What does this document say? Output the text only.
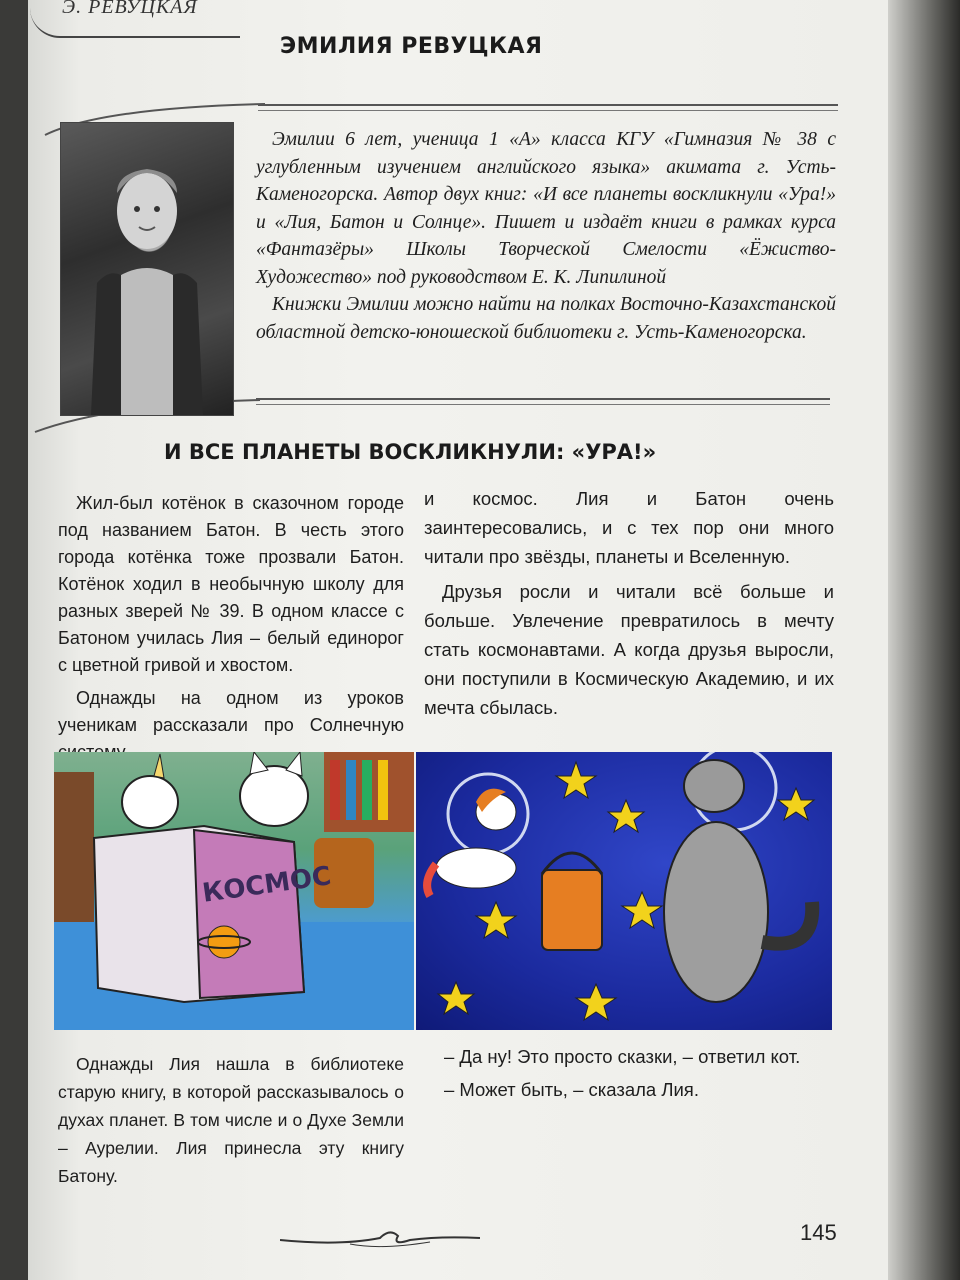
Э. РЕВУЦКАЯ
ЭМИЛИЯ РЕВУЦКАЯ

Эмилии 6 лет, ученица 1 «А» класса КГУ «Гимназия № 38 с углубленным изучением английского языка» акимата г. Усть-Каменогорска. Автор двух книг: «И все планеты воскликнули «Ура!» и «Лия, Батон и Солнце». Пишет и издаёт книги в рамках курса «Фантазёры» Школы Творческой Смелости «Ёжиство-Художество» под руководством Е. К. Липилиной

Книжки Эмилии можно найти на полках Восточно-Казахстанской областной детско-юношеской библиотеки г. Усть-Каменогорска.

И ВСЕ ПЛАНЕТЫ ВОСКЛИКНУЛИ: «УРА!»

Жил-был котёнок в сказочном городе под названием Батон. В честь этого города котёнка тоже прозвали Батон. Котёнок ходил в необычную школу для разных зверей № 39. В одном классе с Батоном училась Лия – белый единорог с цветной гривой и хвостом.

Однажды на одном из уроков ученикам рассказали про Солнечную

и космос. Лия и Батон очень заинтересовались, и с тех пор они много читали про звёзды, планеты и Вселенную.

Друзья росли и читали всё больше и больше. Увлечение превратилось в мечту стать космонавтами. А когда друзья выросли, они поступили в Космическую Академию, и их мечта сбылась.

КОСМОС

Однажды Лия нашла в библиотеке старую книгу, в которой рассказывалось о духах планет. В том числе и о Духе Земли – Аурелии. Лия принесла эту книгу Батону.

– Да ну! Это просто сказки, – ответил кот.

– Может быть, – сказала Лия.

145
